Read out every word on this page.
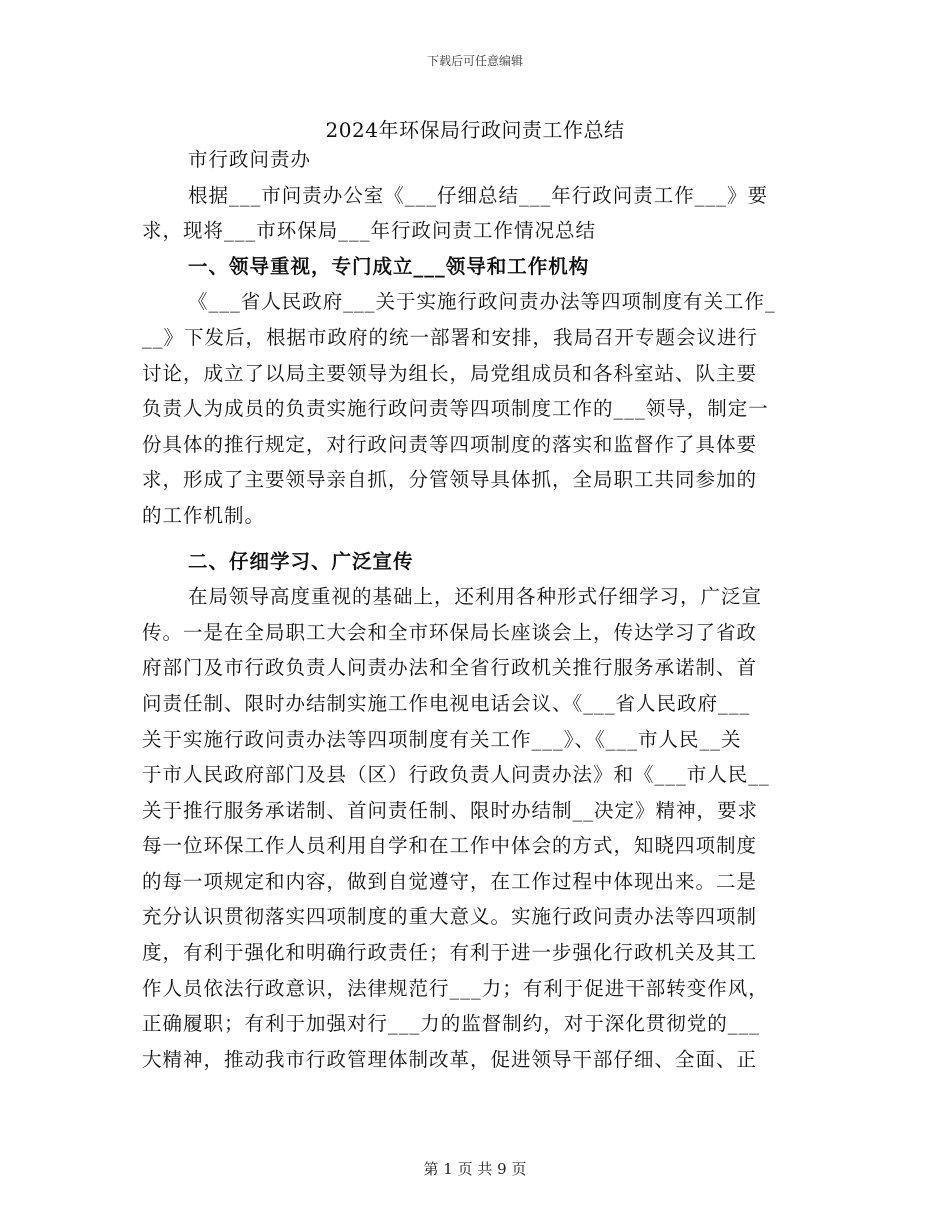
下载后可任意编辑
2024年环保局行政问责工作总结
市行政问责办
根据___市问责办公室《___仔细总结___年行政问责工作___》要
求，现将___市环保局___年行政问责工作情况总结
一、领导重视，专门成立___领导和工作机构
《___省人民政府___关于实施行政问责办法等四项制度有关工作_
__》下发后，根据市政府的统一部署和安排，我局召开专题会议进行
讨论，成立了以局主要领导为组长，局党组成员和各科室站、队主要
负责人为成员的负责实施行政问责等四项制度工作的___领导，制定一
份具体的推行规定，对行政问责等四项制度的落实和监督作了具体要
求，形成了主要领导亲自抓，分管领导具体抓，全局职工共同参加的
的工作机制。
二、仔细学习、广泛宣传
在局领导高度重视的基础上，还利用各种形式仔细学习，广泛宣
传。一是在全局职工大会和全市环保局长座谈会上，传达学习了省政
府部门及市行政负责人问责办法和全省行政机关推行服务承诺制、首
问责任制、限时办结制实施工作电视电话会议、《___省人民政府___
关于实施行政问责办法等四项制度有关工作___》、《___市人民__关
于市人民政府部门及县（区）行政负责人问责办法》和《___市人民__
关于推行服务承诺制、首问责任制、限时办结制__决定》精神，要求
每一位环保工作人员利用自学和在工作中体会的方式，知晓四项制度
的每一项规定和内容，做到自觉遵守，在工作过程中体现出来。二是
充分认识贯彻落实四项制度的重大意义。实施行政问责办法等四项制
度，有利于强化和明确行政责任；有利于进一步强化行政机关及其工
作人员依法行政意识，法律规范行___力；有利于促进干部转变作风，
正确履职；有利于加强对行___力的监督制约，对于深化贯彻党的___
大精神，推动我市行政管理体制改革，促进领导干部仔细、全面、正
第 1 页 共 9 页
